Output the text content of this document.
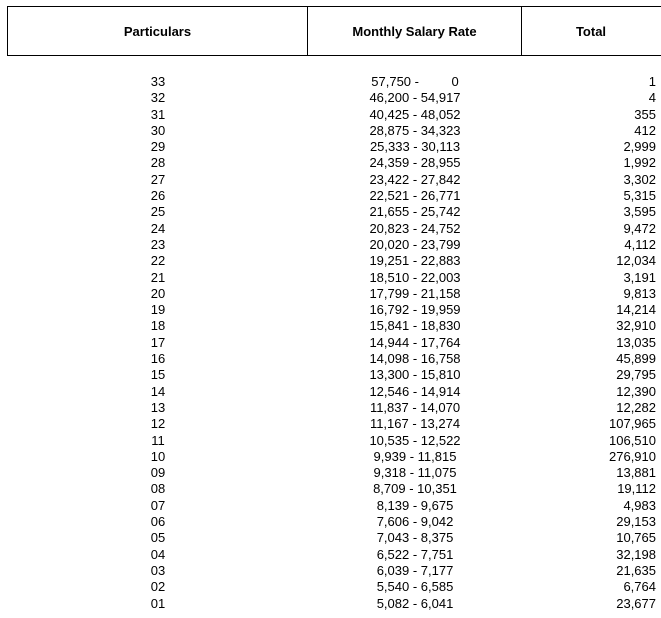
Particulars	Monthly Salary Rate	Total
33	57,750 -         0	1
32	46,200 - 54,917	4
31	40,425 - 48,052	355
30	28,875 - 34,323	412
29	25,333 - 30,113	2,999
28	24,359 - 28,955	1,992
27	23,422 - 27,842	3,302
26	22,521 - 26,771	5,315
25	21,655 - 25,742	3,595
24	20,823 - 24,752	9,472
23	20,020 - 23,799	4,112
22	19,251 - 22,883	12,034
21	18,510 - 22,003	3,191
20	17,799 - 21,158	9,813
19	16,792 - 19,959	14,214
18	15,841 - 18,830	32,910
17	14,944 - 17,764	13,035
16	14,098 - 16,758	45,899
15	13,300 - 15,810	29,795
14	12,546 - 14,914	12,390
13	11,837 - 14,070	12,282
12	11,167 - 13,274	107,965
11	10,535 - 12,522	106,510
10	9,939 - 11,815	276,910
09	9,318 - 11,075	13,881
08	8,709 - 10,351	19,112
07	8,139 - 9,675	4,983
06	7,606 - 9,042	29,153
05	7,043 - 8,375	10,765
04	6,522 - 7,751	32,198
03	6,039 - 7,177	21,635
02	5,540 - 6,585	6,764
01	5,082 - 6,041	23,677
